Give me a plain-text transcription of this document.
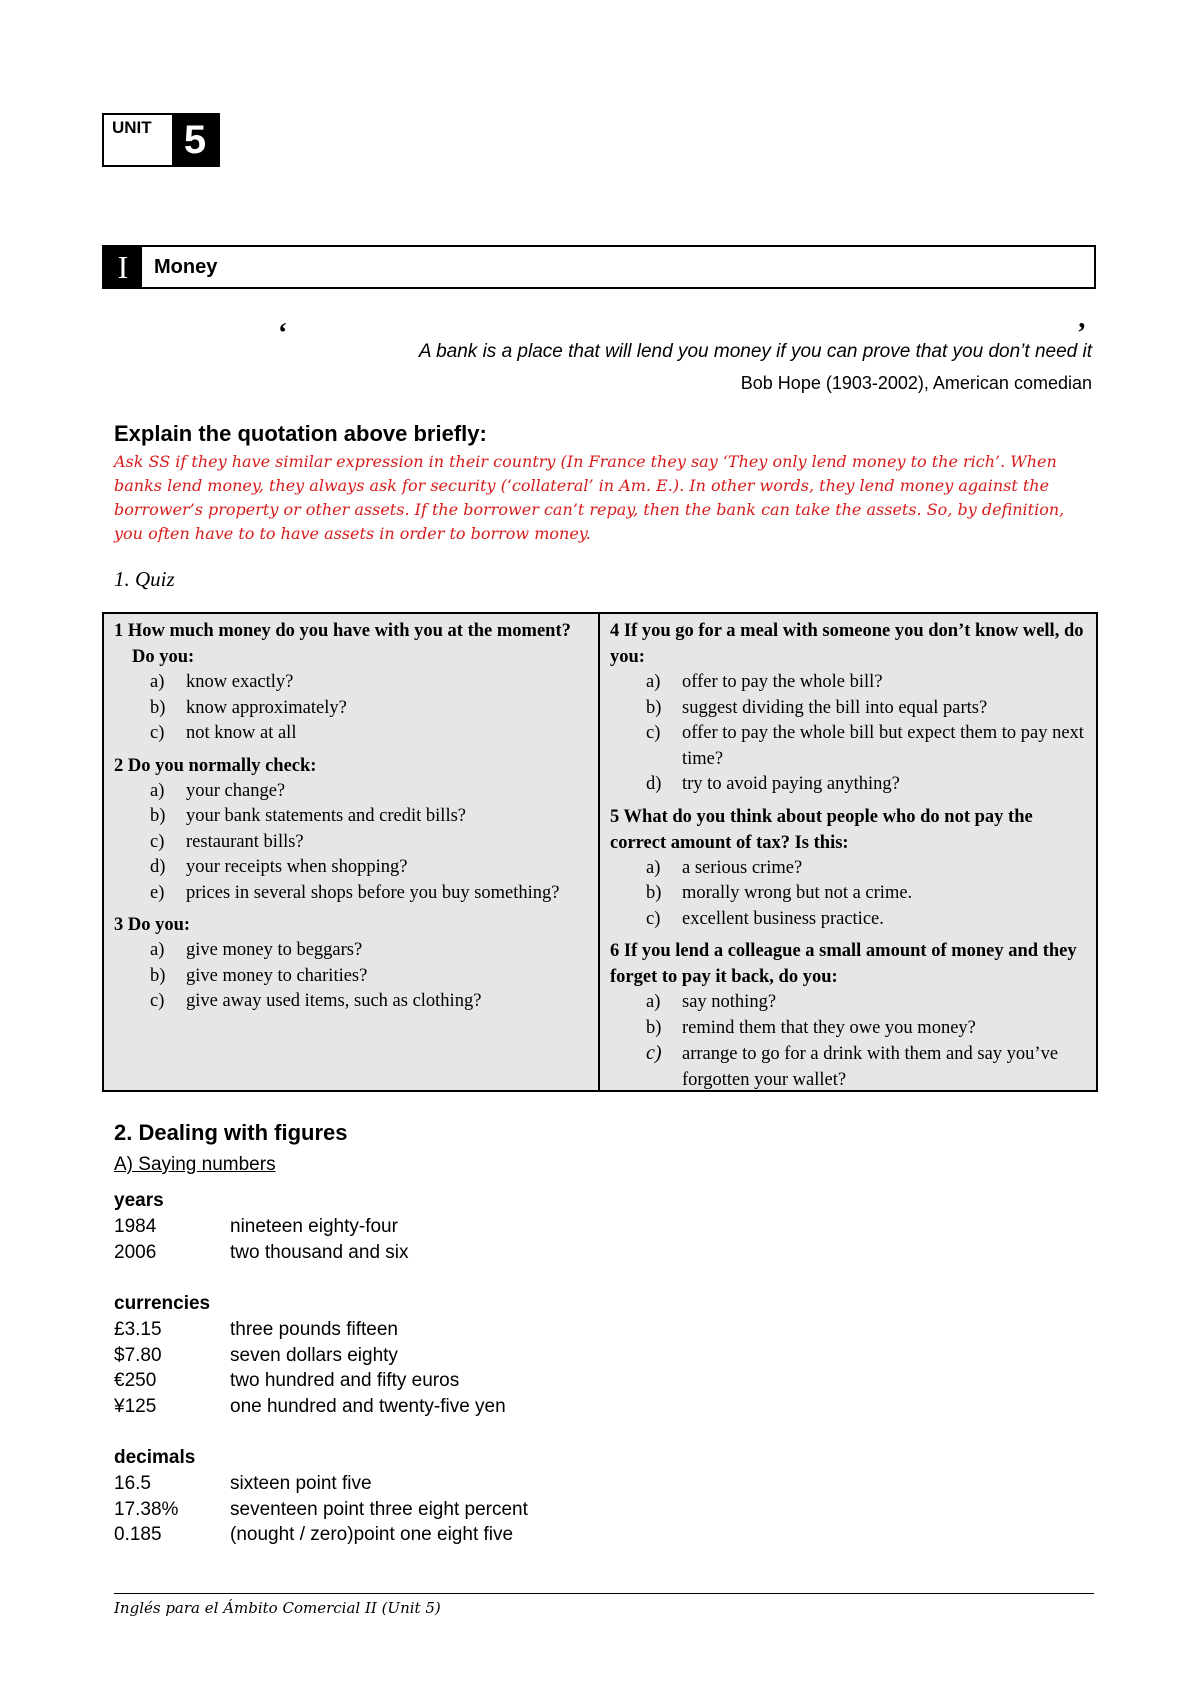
UNIT 5
I	Money
‘	’
A bank is a place that will lend you money if you can prove that you don’t need it
Bob Hope (1903-2002), American comedian
Explain the quotation above briefly:

Ask SS if they have similar expression in their country (In France they say ‘They only lend money to the rich’. When banks lend money, they always ask for security (‘collateral’ in Am. E.). In other words, they lend money against the borrower’s property or other assets. If the borrower can’t repay, then the bank can take the assets. So, by definition, you often have to to have assets in order to borrow money.

1. Quiz
1 How much money do you have with you at the moment? Do you:
a) know exactly?
b) know approximately?
c) not know at all
2 Do you normally check:
a) your change?
b) your bank statements and credit bills?
c) restaurant bills?
d) your receipts when shopping?
e) prices in several shops before you buy something?
3 Do you:
a) give money to beggars?
b) give money to charities?
c) give away used items, such as clothing?
4 If you go for a meal with someone you don’t know well, do you:
a) offer to pay the whole bill?
b) suggest dividing the bill into equal parts?
c) offer to pay the whole bill but expect them to pay next time?
d) try to avoid paying anything?
5 What do you think about people who do not pay the correct amount of tax? Is this:
a) a serious crime?
b) morally wrong but not a crime.
c) excellent business practice.
6 If you lend a colleague a small amount of money and they forget to pay it back, do you:
a) say nothing?
b) remind them that they owe you money?
c) arrange to go for a drink with them and say you’ve forgotten your wallet?
2. Dealing with figures
A) Saying numbers
years
1984	nineteen eighty-four
2006	two thousand and six
currencies
£3.15	three pounds fifteen
$7.80	seven dollars eighty
€250	two hundred and fifty euros
¥125	one hundred and twenty-five yen
decimals
16.5	sixteen point five
17.38%	seventeen point three eight percent
0.185	(nought / zero)point one eight five
Inglés para el Ámbito Comercial II (Unit 5)
